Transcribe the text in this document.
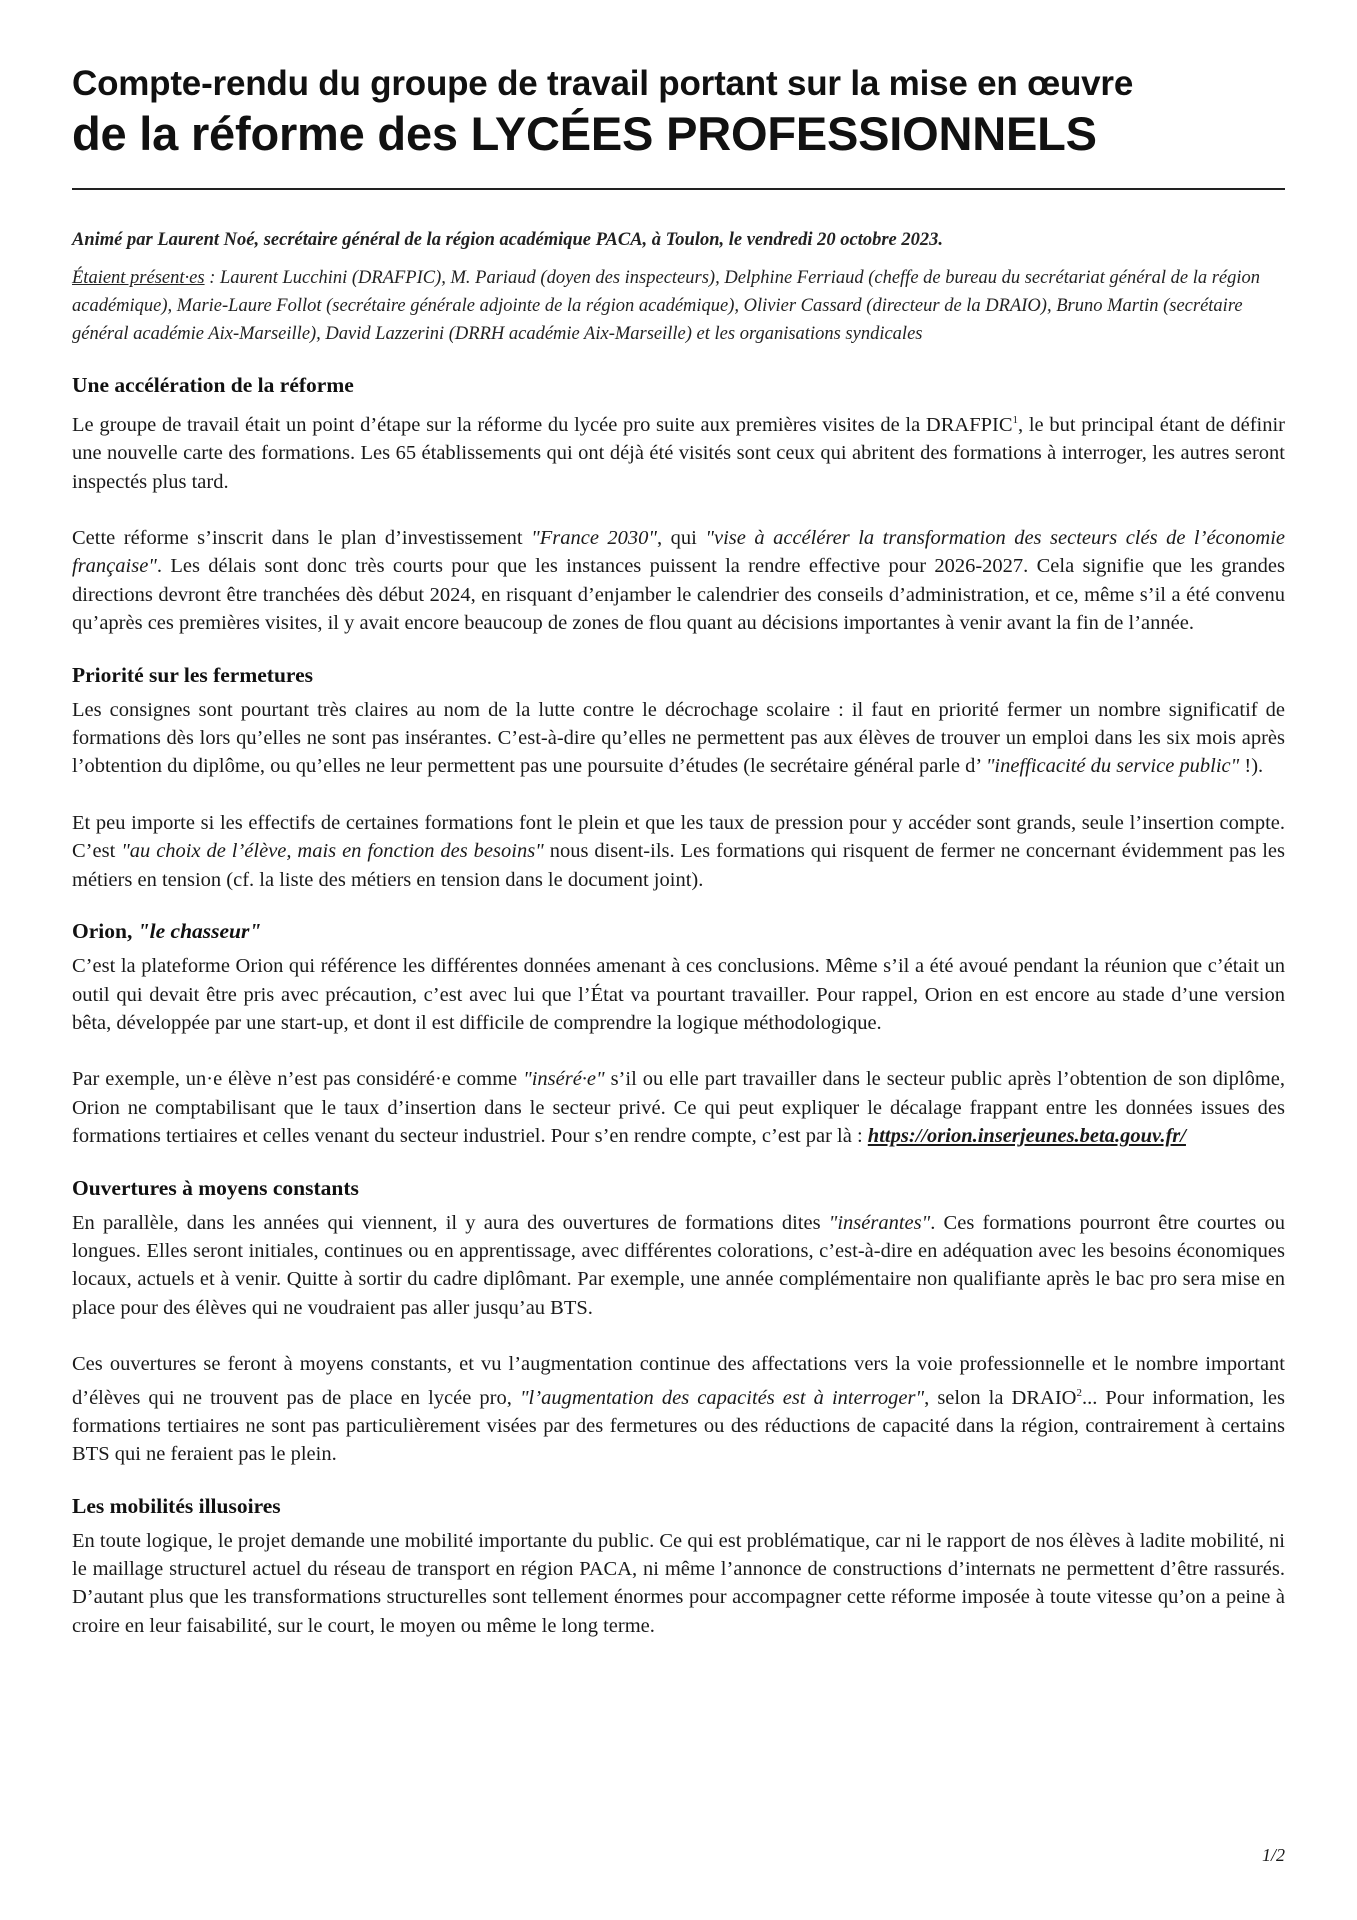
Compte-rendu du groupe de travail portant sur la mise en œuvre
de la réforme des LYCÉES PROFESSIONNELS

Animé par Laurent Noé, secrétaire général de la région académique PACA, à Toulon, le vendredi 20 octobre 2023.

Étaient présent·es : Laurent Lucchini (DRAFPIC), M. Pariaud (doyen des inspecteurs), Delphine Ferriaud (cheffe de bureau du secrétariat général de la région académique), Marie-Laure Follot (secrétaire générale adjointe de la région académique), Olivier Cassard (directeur de la DRAIO), Bruno Martin (secrétaire général académie Aix-Marseille), David Lazzerini (DRRH académie Aix-Marseille) et les organisations syndicales

Une accélération de la réforme

Le groupe de travail était un point d’étape sur la réforme du lycée pro suite aux premières visites de la DRAFPIC$^1$, le but principal étant de définir une nouvelle carte des formations. Les 65 établissements qui ont déjà été visités sont ceux qui abritent des formations à interroger, les autres seront inspectés plus tard.

Cette réforme s’inscrit dans le plan d’investissement "France 2030", qui "vise à accélérer la transformation des secteurs clés de l’économie française". Les délais sont donc très courts pour que les instances puissent la rendre effective pour 2026-2027. Cela signifie que les grandes directions devront être tranchées dès début 2024, en risquant d’enjamber le calendrier des conseils d’administration, et ce, même s’il a été convenu qu’après ces premières visites, il y avait encore beaucoup de zones de flou quant au décisions importantes à venir avant la fin de l’année.

Priorité sur les fermetures

Les consignes sont pourtant très claires au nom de la lutte contre le décrochage scolaire : il faut en priorité fermer un nombre significatif de formations dès lors qu’elles ne sont pas insérantes. C’est-à-dire qu’elles ne permettent pas aux élèves de trouver un emploi dans les six mois après l’obtention du diplôme, ou qu’elles ne leur permettent pas une poursuite d’études (le secrétaire général parle d’ "inefficacité du service public" !).

Et peu importe si les effectifs de certaines formations font le plein et que les taux de pression pour y accéder sont grands, seule l’insertion compte. C’est "au choix de l’élève, mais en fonction des besoins" nous disent-ils. Les formations qui risquent de fermer ne concernant évidemment pas les métiers en tension (cf. la liste des métiers en tension dans le document joint).

Orion, "le chasseur"

C’est la plateforme Orion qui référence les différentes données amenant à ces conclusions. Même s’il a été avoué pendant la réunion que c’était un outil qui devait être pris avec précaution, c’est avec lui que l’État va pourtant travailler. Pour rappel, Orion en est encore au stade d’une version bêta, développée par une start-up, et dont il est difficile de comprendre la logique méthodologique.

Par exemple, un·e élève n’est pas considéré·e comme "inséré·e" s’il ou elle part travailler dans le secteur public après l’obtention de son diplôme, Orion ne comptabilisant que le taux d’insertion dans le secteur privé. Ce qui peut expliquer le décalage frappant entre les données issues des formations tertiaires et celles venant du secteur industriel. Pour s’en rendre compte, c’est par là : https://orion.inserjeunes.beta.gouv.fr/

Ouvertures à moyens constants

En parallèle, dans les années qui viennent, il y aura des ouvertures de formations dites "insérantes". Ces formations pourront être courtes ou longues. Elles seront initiales, continues ou en apprentissage, avec différentes colorations, c’est-à-dire en adéquation avec les besoins économiques locaux, actuels et à venir. Quitte à sortir du cadre diplômant. Par exemple, une année complémentaire non qualifiante après le bac pro sera mise en place pour des élèves qui ne voudraient pas aller jusqu’au BTS.

Ces ouvertures se feront à moyens constants, et vu l’augmentation continue des affectations vers la voie professionnelle et le nombre important d’élèves qui ne trouvent pas de place en lycée pro, "l’augmentation des capacités est à interroger", selon la DRAIO$^2$... Pour information, les formations tertiaires ne sont pas particulièrement visées par des fermetures ou des réductions de capacité dans la région, contrairement à certains BTS qui ne feraient pas le plein.

Les mobilités illusoires

En toute logique, le projet demande une mobilité importante du public. Ce qui est problématique, car ni le rapport de nos élèves à ladite mobilité, ni le maillage structurel actuel du réseau de transport en région PACA, ni même l’annonce de constructions d’internats ne permettent d’être rassurés. D’autant plus que les transformations structurelles sont tellement énormes pour accompagner cette réforme imposée à toute vitesse qu’on a peine à croire en leur faisabilité, sur le court, le moyen ou même le long terme.

1/2
